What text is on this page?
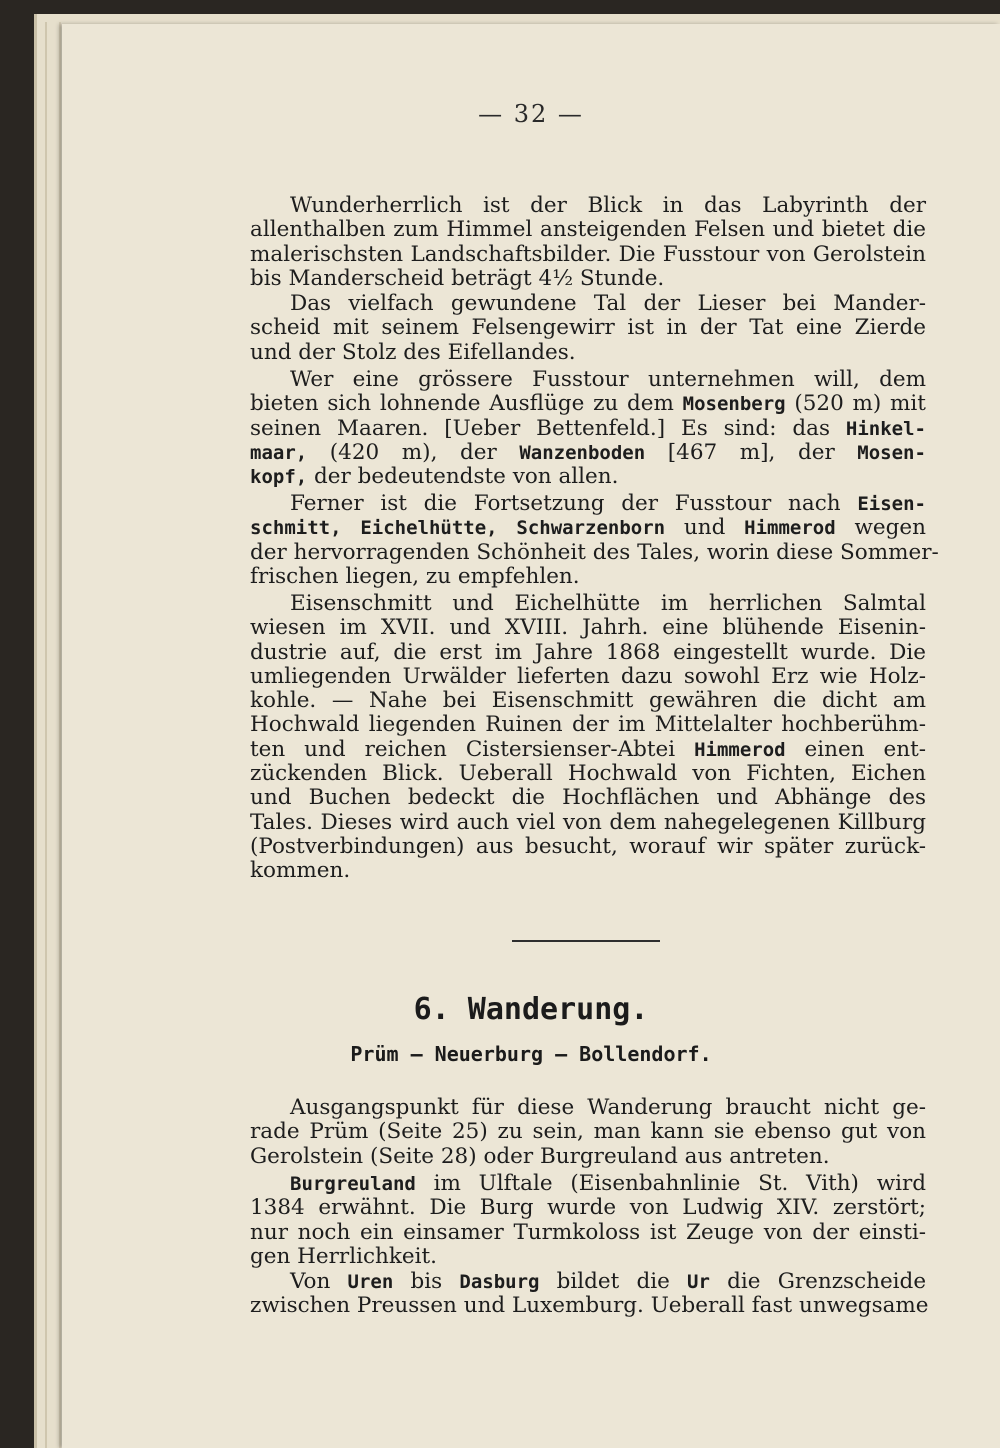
— 32 —
Wunderherrlich ist der Blick in das Labyrinth der
allenthalben zum Himmel ansteigenden Felsen und bietet die
malerischsten Landschaftsbilder. Die Fusstour von Gerolstein
bis Manderscheid beträgt 4½ Stunde.
Das vielfach gewundene Tal der Lieser bei Mander-
scheid mit seinem Felsengewirr ist in der Tat eine Zierde
und der Stolz des Eifellandes.
Wer eine grössere Fusstour unternehmen will, dem
bieten sich lohnende Ausflüge zu dem Mosenberg (520 m) mit
seinen Maaren. [Ueber Bettenfeld.] Es sind: das Hinkel-
maar, (420 m), der Wanzenboden [467 m], der Mosen-
kopf, der bedeutendste von allen.
Ferner ist die Fortsetzung der Fusstour nach Eisen-
schmitt, Eichelhütte, Schwarzenborn und Himmerod wegen
der hervorragenden Schönheit des Tales, worin diese Sommer-
frischen liegen, zu empfehlen.
Eisenschmitt und Eichelhütte im herrlichen Salmtal
wiesen im XVII. und XVIII. Jahrh. eine blühende Eisenin-
dustrie auf, die erst im Jahre 1868 eingestellt wurde. Die
umliegenden Urwälder lieferten dazu sowohl Erz wie Holz-
kohle. — Nahe bei Eisenschmitt gewähren die dicht am
Hochwald liegenden Ruinen der im Mittelalter hochberühm-
ten und reichen Cistersienser-Abtei Himmerod einen ent-
zückenden Blick. Ueberall Hochwald von Fichten, Eichen
und Buchen bedeckt die Hochflächen und Abhänge des
Tales. Dieses wird auch viel von dem nahegelegenen Killburg
(Postverbindungen) aus besucht, worauf wir später zurück-
kommen.
6. Wanderung.
Prüm — Neuerburg — Bollendorf.
Ausgangspunkt für diese Wanderung braucht nicht ge-
rade Prüm (Seite 25) zu sein, man kann sie ebenso gut von
Gerolstein (Seite 28) oder Burgreuland aus antreten.
Burgreuland im Ulftale (Eisenbahnlinie St. Vith) wird
1384 erwähnt. Die Burg wurde von Ludwig XIV. zerstört;
nur noch ein einsamer Turmkoloss ist Zeuge von der einsti-
gen Herrlichkeit.
Von Uren bis Dasburg bildet die Ur die Grenzscheide
zwischen Preussen und Luxemburg. Ueberall fast unwegsame
